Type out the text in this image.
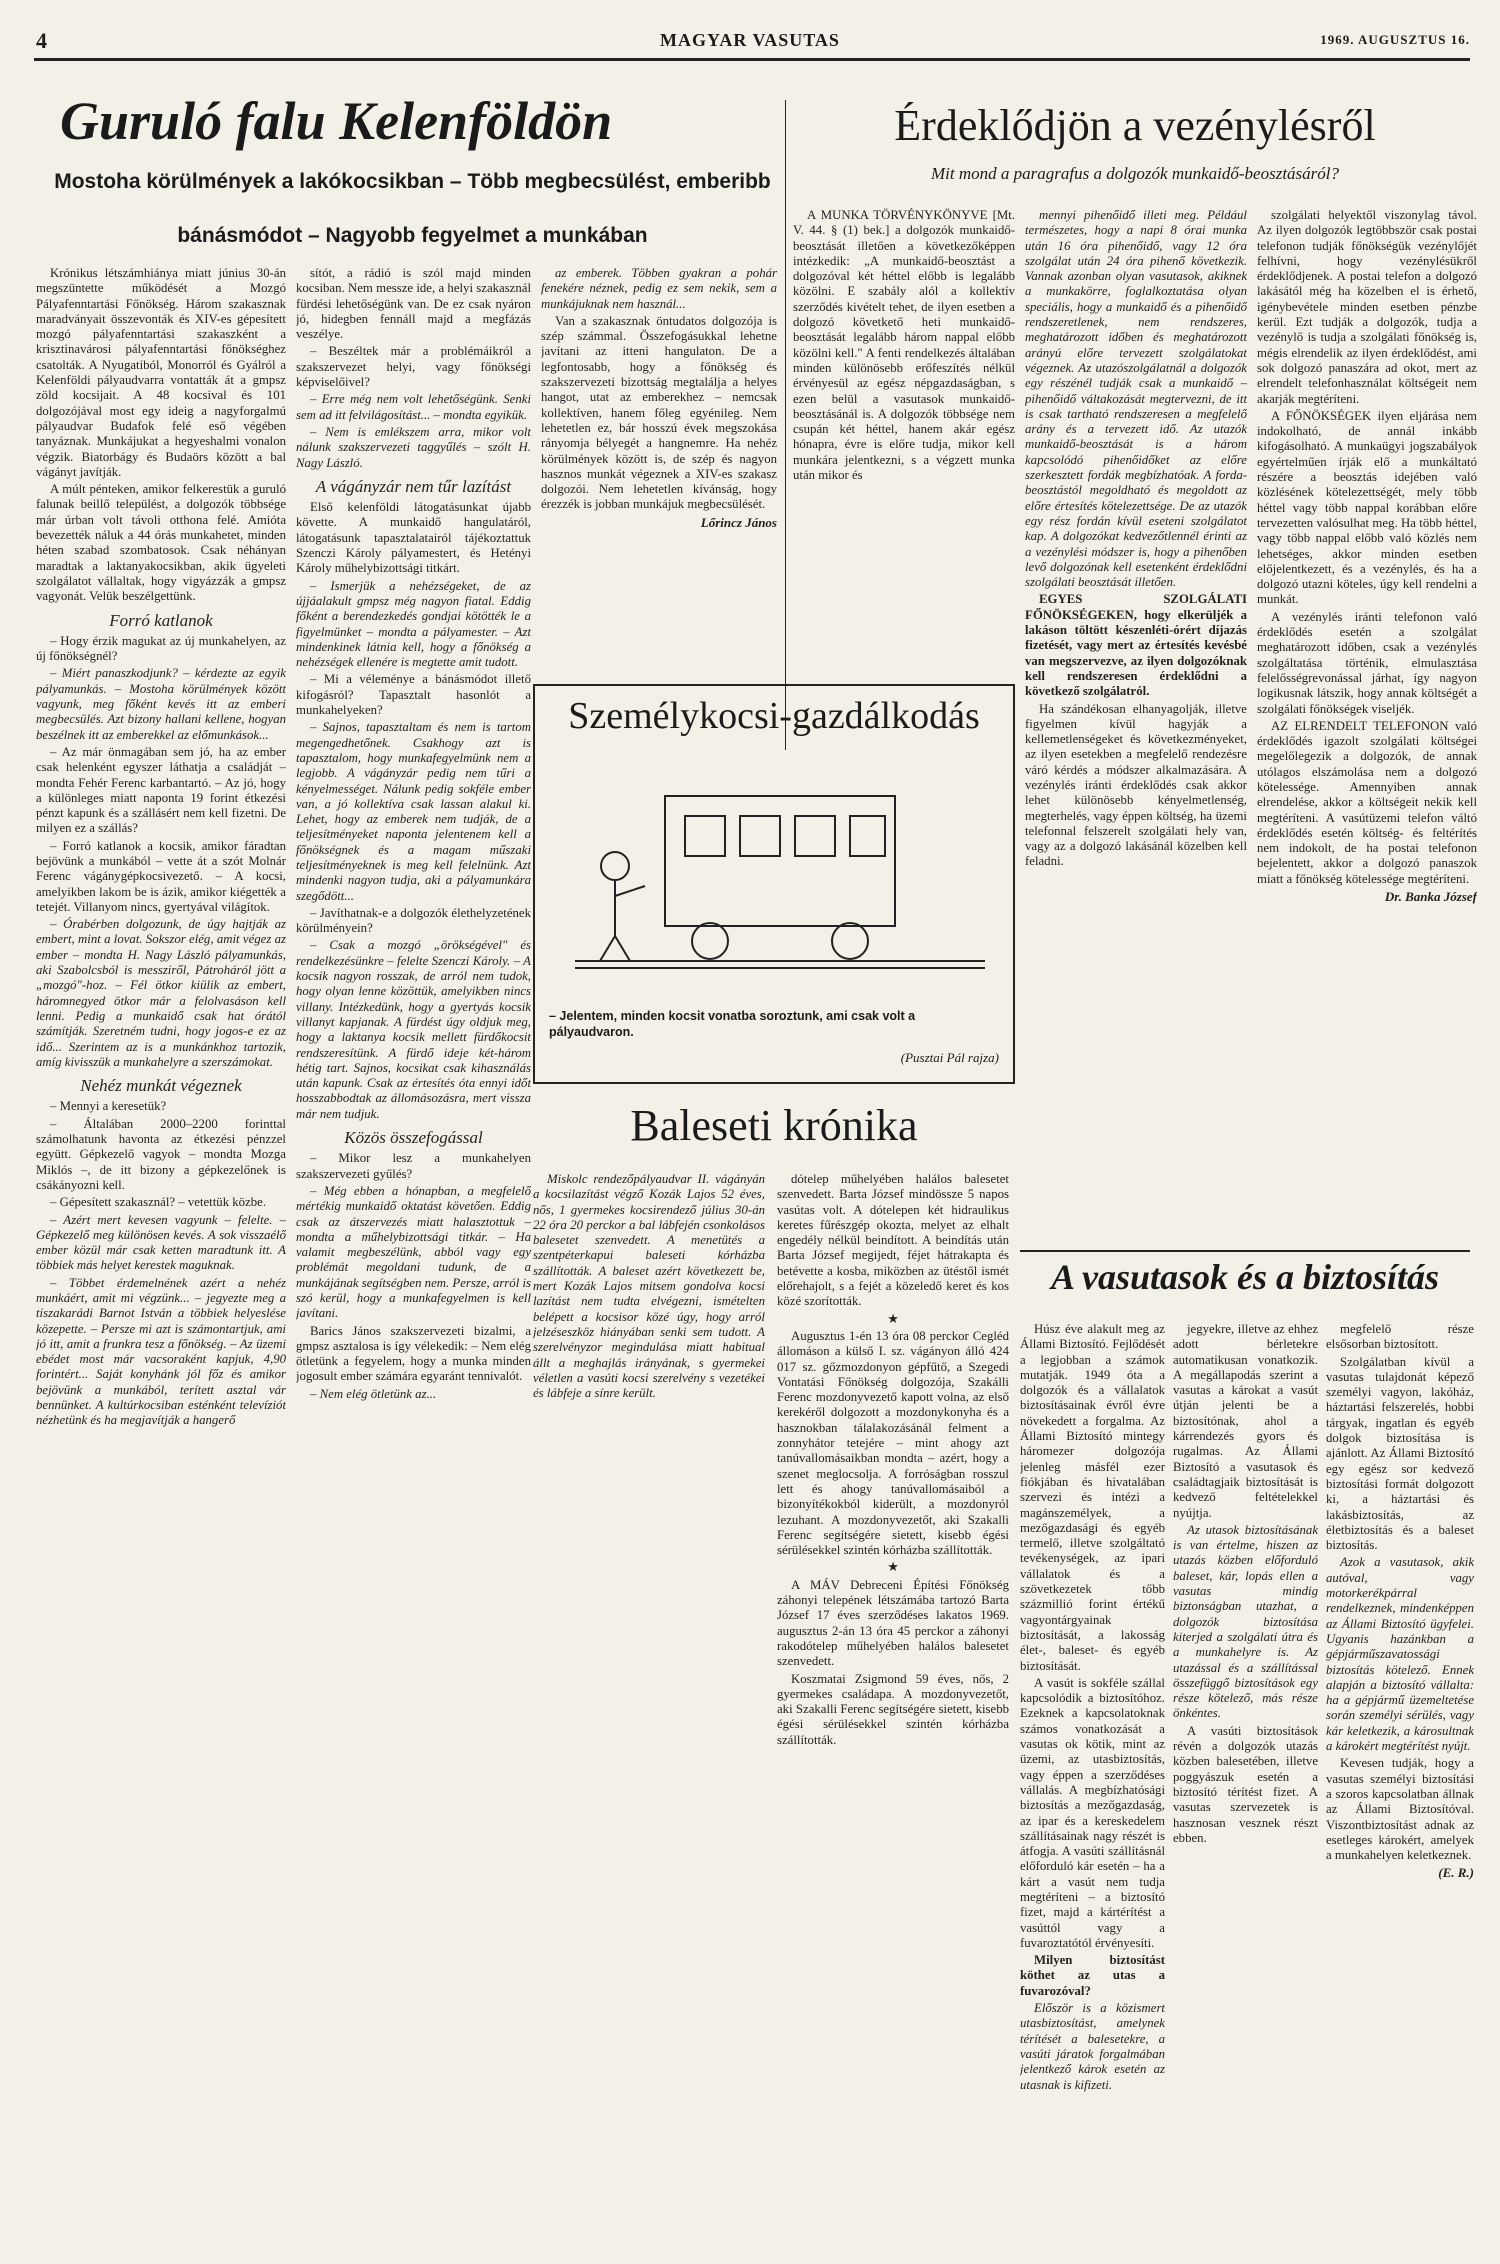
4	MAGYAR VASUTAS	1969. AUGUSZTUS 16.
Guruló falu Kelenföldön
Mostoha körülmények a lakókocsikban – Több megbecsülést, emberibb
bánásmódot – Nagyobb fegyelmet a munkában

Krónikus létszámhiánya miatt június 30-án megszüntette működését a Mozgó Pályafenntartási Főnökség. Három szakasznak maradványait összevonták és XIV-es gépesített mozgó pályafenntartási szakaszként a krisztinavárosi pályafenntartási főnökséghez csatolták. A Nyugatiból, Monorról és Gyálról a Kelenföldi pályaudvarra vontatták át a gmpsz zöld kocsijait. A 48 kocsival és 101 dolgozójával most egy ideig a nagyforgalmú pályaudvar Budafok felé eső végében tanyáznak. Munkájukat a hegyeshalmi vonalon végzik. Biatorbágy és Budaörs között a bal vágányt javítják.

A múlt pénteken, amikor felkerestük a guruló falunak beillő települést, a dolgozók többsége már úrban volt távoli otthona felé. Amióta bevezették náluk a 44 órás munkahetet, minden héten szabad szombatosok. Csak néhányan maradtak a laktanyakocsikban, akik ügyeleti szolgálatot vállaltak, hogy vigyázzák a gmpsz vagyonát. Velük beszélgettünk.

Forró katlanok

– Hogy érzik magukat az új munkahelyen, az új főnökségnél?

– Miért panaszkodjunk? – kérdezte az egyik pályamunkás. – Mostoha körülmények között vagyunk, meg főként kevés itt az emberi megbecsülés. Azt bizony hallani kellene, hogyan beszélnek itt az emberekkel az előmunkások...

– Az már önmagában sem jó, ha az ember csak helenként egyszer láthatja a családját – mondta Fehér Ferenc karbantartó. – Az jó, hogy a különleges miatt naponta 19 forint étkezési pénzt kapunk és a szállásért nem kell fizetni. De milyen ez a szállás?

– Forró katlanok a kocsik, amikor fáradtan bejövünk a munkából – vette át a szót Molnár Ferenc vágánygépkocsivezető. – A kocsi, amelyikben lakom be is ázik, amikor kiégették a tetejét. Villanyom nincs, gyertyával világítok.

– Órabérben dolgozunk, de úgy hajtják az embert, mint a lovat. Sokszor elég, amit végez az ember – mondta H. Nagy László pályamunkás, aki Szabolcsból is messziről, Pátroháról jött a „mozgó"-hoz. – Fél ötkor kiülik az embert, háromnegyed ötkor már a felolvasáson kell lenni. Pedig a munkaidő csak hat órától számítják. Szeretném tudni, hogy jogos-e ez az idő... Szerintem az is a munkánkhoz tartozik, amíg kivisszük a munkahelyre a szerszámokat.

Nehéz munkát végeznek

– Mennyi a keresetük?

– Általában 2000–2200 forinttal számolhatunk havonta az étkezési pénzzel együtt. Gépkezelő vagyok – mondta Mozga Miklós –, de itt bizony a gépkezelőnek is csákányozni kell.

– Gépesített szakasznál? – vetettük közbe.

– Azért mert kevesen vagyunk – felelte. – Gépkezelő meg különösen kevés. A sok visszaélő ember közül már csak ketten maradtunk itt. A többiek más helyet kerestek maguknak.

– Többet érdemelnének azért a nehéz munkáért, amit mi végzünk... – jegyezte meg a tiszakarádi Barnot István a többiek helyeslése közepette. – Persze mi azt is számontartjuk, ami jó itt, amit a frunkra tesz a főnökség. – Az üzemi ebédet most már vacsoraként kapjuk, 4,90 forintért... Saját konyhánk jól főz és amikor bejövünk a munkából, terített asztal vár bennünket. A kultúrkocsiban esténként televíziót nézhetünk és ha megjavítják a hangerő

sítót, a rádió is szól majd minden kocsiban. Nem messze ide, a helyi szakasznál fürdési lehetőségünk van. De ez csak nyáron jó, hidegben fennáll majd a megfázás veszélye.

– Beszéltek már a problémáikról a szakszervezet helyi, vagy főnökségi képviselőivel?

– Erre még nem volt lehetőségünk. Senki sem ad itt felvilágosítást... – mondta egyikük.

– Nem is emlékszem arra, mikor volt nálunk szakszervezeti taggyűlés – szólt H. Nagy László.

A vágányzár nem tűr lazítást

Első kelenföldi látogatásunkat újabb követte. A munkaidő hangulatáról, látogatásunk tapasztalatairól tájékoztattuk Szenczi Károly pályamestert, és Hetényi Károly műhelybizottsági titkárt.

– Ismerjük a nehézségeket, de az újjáalakult gmpsz még nagyon fiatal. Eddig főként a berendezkedés gondjai kötötték le a figyelmünket – mondta a pályamester. – Azt mindenkinek látnia kell, hogy a főnökség a nehézségek ellenére is megtette amit tudott.

– Mi a véleménye a bánásmódot illető kifogásról? Tapasztalt hasonlót a munkahelyeken?

– Sajnos, tapasztaltam és nem is tartom megengedhetőnek. Csakhogy azt is tapasztalom, hogy munkafegyelmünk nem a legjobb. A vágányzár pedig nem tűri a kényelmességet. Nálunk pedig sokféle ember van, a jó kollektíva csak lassan alakul ki. Lehet, hogy az emberek nem tudják, de a teljesítményeket naponta jelentenem kell a főnökségnek és a magam műszaki teljesítményeknek is meg kell felelnünk. Azt mindenki nagyon tudja, aki a pályamunkára szegődött...

– Javíthatnak-e a dolgozók élethelyzetének körülményein?

– Csak a mozgó „örökségével" és rendelkezésünkre – felelte Szenczi Károly. – A kocsik nagyon rosszak, de arról nem tudok, hogy olyan lenne közöttük, amelyikben nincs villany. Intézkedünk, hogy a gyertyás kocsik villanyt kapjanak. A fürdést úgy oldjuk meg, hogy a laktanya kocsik mellett fürdőkocsit rendszeresítünk. A fürdő ideje két-három hétig tart. Sajnos, kocsikat csak kihasználás után kapunk. Csak az értesítés óta ennyi időt hosszabbodtak az állomásozásra, mert vissza már nem tudjuk.

Közös összefogással

– Mikor lesz a munkahelyen szakszervezeti gyűlés?

– Még ebben a hónapban, a megfelelő mértékig munkaidő oktatást követően. Eddig csak az átszervezés miatt halasztottuk – mondta a műhelybizottsági titkár. – Ha valamit megbeszélünk, abból vagy egy problémát megoldani tudunk, de a munkájának segítségben nem. Persze, arról is szó kerül, hogy a munkafegyelmen is kell javítani.

Barics János szakszervezeti bizalmi, a gmpsz asztalosa is így vélekedik: – Nem elég ötletünk a fegyelem, hogy a munka minden jogosult ember számára egyaránt tennivalót.

– Nem elég ötletünk az...

az emberek. Többen gyakran a pohár fenekére néznek, pedig ez sem nekik, sem a munkájuknak nem használ...

Van a szakasznak öntudatos dolgozója is szép számmal. Összefogásukkal lehetne javítani az itteni hangulaton. De a legfontosabb, hogy a főnökség és szakszervezeti bizottság megtalálja a helyes hangot, utat az emberekhez – nemcsak kollektíven, hanem főleg egyénileg. Nem lehetetlen ez, bár hosszú évek megszokása rányomja bélyegét a hangnemre. Ha nehéz körülmények között is, de szép és nagyon hasznos munkát végeznek a XIV-es szakasz dolgozói. Nem lehetetlen kívánság, hogy érezzék is jobban munkájuk megbecsülését.

Lőrincz János
Érdeklődjön a vezénylésről
Mit mond a paragrafus a dolgozók munkaidő-beosztásáról?

A MUNKA TÖRVÉNYKÖNYVE [Mt. V. 44. § (1) bek.] a dolgozók munkaidő-beosztását illetően a következőképpen intézkedik: „A munkaidő-beosztást a dolgozóval két héttel előbb is legalább közölni. E szabály alól a kollektív szerződés kivételt tehet, de ilyen esetben a dolgozó követkető heti munkaidő-beosztását legalább három nappal előbb közölni kell." A fenti rendelkezés általában minden különösebb erőfeszítés nélkül érvényesül az egész népgazdaságban, s ezen belül a vasutasok munkaidő-beosztásánál is. A dolgozók többsége nem csupán két héttel, hanem akár egész hónapra, évre is előre tudja, mikor kell munkára jelentkezni, s a végzett munka után mikor és

mennyi pihenőidő illeti meg. Például természetes, hogy a napi 8 órai munka után 16 óra pihenőidő, vagy 12 óra szolgálat után 24 óra pihenő következik. Vannak azonban olyan vasutasok, akiknek a munkakörre, foglalkoztatása olyan speciális, hogy a munkaidő és a pihenőidő rendszeretlenek, nem rendszeres, meghatározott időben és meghatározott arányú előre tervezett szolgálatokat végeznek. Az utazószolgálatnál a dolgozók egy részénél tudják csak a munkaidő – pihenőidő váltakozását megtervezni, de itt is csak tartható rendszeresen a megfelelő arány és a tervezett idő. Az utazók munkaidő-beosztását is a három kapcsolódó pihenőidőket az előre szerkesztett fordák megbízhatóak. A forda-beosztástól megoldható és megoldott az előre értesítés kötelezettsége. De az utazók egy rész fordán kívül eseteni szolgálatot kap. A dolgozókat kedvezőtlennél érinti az a vezénylési módszer is, hogy a pihenőben levő dolgozónak kell esetenként érdeklődni szolgálati beosztását illetően.

EGYES SZOLGÁLATI FŐNÖKSÉGEKEN, hogy elkerüljék a lakáson töltött készenléti-órért díjazás fizetését, vagy mert az értesítés kevésbé van megszervezve, az ilyen dolgozóknak kell rendszeresen érdeklődni a következő szolgálatról.

Ha szándékosan elhanyagolják, illetve figyelmen kívül hagyják a kellemetlenségeket és következményeket, az ilyen esetekben a megfelelő rendezésre váró kérdés a módszer alkalmazására. A vezénylés iránti érdeklődés csak akkor lehet különösebb kényelmetlenség, megterhelés, vagy éppen költség, ha üzemi telefonnal felszerelt szolgálati hely van, vagy az a dolgozó lakásánál közelben kell feladni.

szolgálati helyektől viszonylag távol. Az ilyen dolgozók legtöbbször csak postai telefonon tudják főnökségük vezénylőjét felhívni, hogy vezénylésükről érdeklődjenek. A postai telefon a dolgozó lakásától még ha közelben el is érhető, igénybevétele minden esetben pénzbe kerül. Ezt tudják a dolgozók, tudja a vezénylő is tudja a szolgálati főnökség is, mégis elrendelik az ilyen érdeklődést, ami sok dolgozó panaszára ad okot, mert az elrendelt telefonhasználat költségeit nem akarják megtéríteni.

A FŐNÖKSÉGEK ilyen eljárása nem indokolható, de annál inkább kifogásolható. A munkaügyi jogszabályok egyértelműen írják elő a munkáltató részére a beosztás idejében való közlésének kötelezettségét, mely több héttel vagy több nappal korábban előre tervezetten valósulhat meg. Ha több héttel, vagy több nappal előbb való közlés nem lehetséges, akkor minden esetben előjelentkezett, és a vezénylés, és ha a dolgozó utazni köteles, úgy kell rendelni a munkát.

A vezénylés iránti telefonon való érdeklődés esetén a szolgálat meghatározott időben, csak a vezénylés szolgáltatása történik, elmulasztása felelősségrevonással járhat, így nagyon logikusnak látszik, hogy annak költségét a szolgálati főnökségek viseljék.

AZ ELRENDELT TELEFONON való érdeklődés igazolt szolgálati költségei megelőlegezik a dolgozók, de annak utólagos elszámolása nem a dolgozó kötelessége. Amennyiben annak elrendelése, akkor a költségeit nekik kell megtéríteni. A vasútüzemi telefon váltó érdeklődés esetén költség- és feltérítés nem indokolt, de ha postai telefonon bejelentett, akkor a dolgozó panaszok miatt a főnökség kötelessége megtéríteni.

Dr. Banka József
Személykocsi-gazdálkodás
– Jelentem, minden kocsit vonatba soroztunk, ami csak volt a pályaudvaron.
(Pusztai Pál rajza)
Baleseti krónika

Miskolc rendezőpályaudvar II. vágányán a kocsilazítást végző Kozák Lajos 52 éves, nős, 1 gyermekes kocsirendező július 30-án 22 óra 20 perckor a bal lábfején csonkolásos balesetet szenvedett. A menetütés a szentpéterkapui baleseti kórházba szállították. A baleset azért következett be, mert Kozák Lajos mitsem gondolva kocsi lazítást nem tudta elvégezni, ismételten belépett a kocsisor közé úgy, hogy arról jelzéseszköz hiányában senki sem tudott. A szerelvényzor megindulása miatt habitual állt a meghajlás irányának, s gyermekei véletlen a vasúti kocsi szerelvény s vezetékei és lábfeje a sínre került.

dótelep műhelyében halálos balesetet szenvedett. Barta József mindössze 5 napos vasútas volt. A dótelepen két hidraulikus keretes fűrészgép okozta, melyet az elhalt engedély nélkül beindított. A beindítás után Barta József megijedt, féjet hátrakapta és betévette a kosba, miközben az ütéstől ismét előrehajolt, s a fejét a közeledő keret és kos közé szorították.

★

Augusztus 1-én 13 óra 08 perckor Cegléd állomáson a külső I. sz. vágányon álló 424 017 sz. gőzmozdonyon gépfűtő, a Szegedi Vontatási Főnökség dolgozója, Szakálli Ferenc mozdonyvezető kapott volna, az első kerekéről dolgozott a mozdonykonyha és a hasznokban tálalakozásánál felment a zonnyhátor tetejére – mint ahogy azt tanúvallomásaikban mondta – azért, hogy a szenet meglocsolja. A forróságban rosszul lett és ahogy tanúvallomásaiból a bizonyítékokból kiderült, a mozdonyról lezuhant. A mozdonyvezetőt, aki Szakalli Ferenc segítségére sietett, kisebb égési sérülésekkel szintén kórházba szállították.

★

A MÁV Debreceni Építési Főnökség záhonyi telepének létszámába tartozó Barta József 17 éves szerződéses lakatos 1969. augusztus 2-án 13 óra 45 perckor a záhonyi rakodótelep műhelyében halálos balesetet szenvedett.

Koszmatai Zsigmond 59 éves, nős, 2 gyermekes családapa. A mozdonyvezetőt, aki Szakalli Ferenc segítségére sietett, kisebb égési sérülésekkel szintén kórházba szállították.

A vasutasok és a biztosítás

Húsz éve alakult meg az Állami Biztosító. Fejlődését a legjobban a számok mutatják. 1949 óta a dolgozók és a vállalatok biztosításainak évről évre növekedett a forgalma. Az Állami Biztosító mintegy háromezer dolgozója jelenleg másfél ezer fiókjában és hivatalában szervezi és intézi a magánszemélyek, a mezőgazdasági és egyéb termelő, illetve szolgáltató tevékenységek, az ipari vállalatok és a szövetkezetek tőbb százmillió forint értékű vagyontárgyainak biztosítását, a lakosság élet-, baleset- és egyéb biztosítását.

A vasút is sokféle szállal kapcsolódik a biztosítóhoz. Ezeknek a kapcsolatoknak számos vonatkozását a vasutas ok kötik, mint az üzemi, az utasbiztosítás, vagy éppen a szerződéses vállalás. A megbízhatósági biztosítás a mezőgazdaság, az ipar és a kereskedelem szállításainak nagy részét is átfogja. A vasúti szállításnál előforduló kár esetén – ha a kárt a vasút nem tudja megtéríteni – a biztosító fizet, majd a kártérítést a vasúttól vagy a fuvaroztatótól érvényesíti.

Milyen biztosítást köthet az utas a fuvarozóval?

Először is a közismert utasbiztosítást, amelynek térítését a balesetekre, a vasúti járatok forgalmában jelentkező károk esetén az utasnak is kifizeti.

jegyekre, illetve az ehhez adott bérletekre automatikusan vonatkozik. A megállapodás szerint a vasutas a károkat a vasút útján jelenti be a biztosítónak, ahol a kárrendezés gyors és rugalmas. Az Állami Biztosító a vasutasok és családtagjaik biztosítását is kedvező feltételekkel nyújtja.

Az utasok biztosításának is van értelme, hiszen az utazás közben előforduló baleset, kár, lopás ellen a vasutas mindig biztonságban utazhat, a dolgozók biztosítása kiterjed a szolgálati útra és a munkahelyre is. Az utazással és a szállítással összefüggő biztosítások egy része kötelező, más része önkéntes.

A vasúti biztosítások révén a dolgozók utazás közben balesetében, illetve poggyászuk esetén a biztosító térítést fizet. A vasutas szervezetek is hasznosan vesznek részt ebben.

megfelelő része elsősorban biztosított.

Szolgálatban kívül a vasutas tulajdonát képező személyi vagyon, lakóház, háztartási felszerelés, hobbi tárgyak, ingatlan és egyéb dolgok biztosítása is ajánlott. Az Állami Biztosító egy egész sor kedvező biztosítási formát dolgozott ki, a háztartási és lakásbiztosítás, az életbiztosítás és a baleset biztosítás.

Azok a vasutasok, akik autóval, vagy motorkerékpárral rendelkeznek, mindenképpen az Állami Biztosító ügyfelei. Ugyanis hazánkban a gépjárműszavatossági biztosítás kötelező. Ennek alapján a biztosító vállalta: ha a gépjármű üzemeltetése során személyi sérülés, vagy kár keletkezik, a károsultnak a károkért megtérítést nyújt.

Kevesen tudják, hogy a vasutas személyi biztosítási a szoros kapcsolatban állnak az Állami Biztosítóval. Viszontbiztosítást adnak az esetleges károkért, amelyek a munkahelyen keletkeznek.

(E. R.)
